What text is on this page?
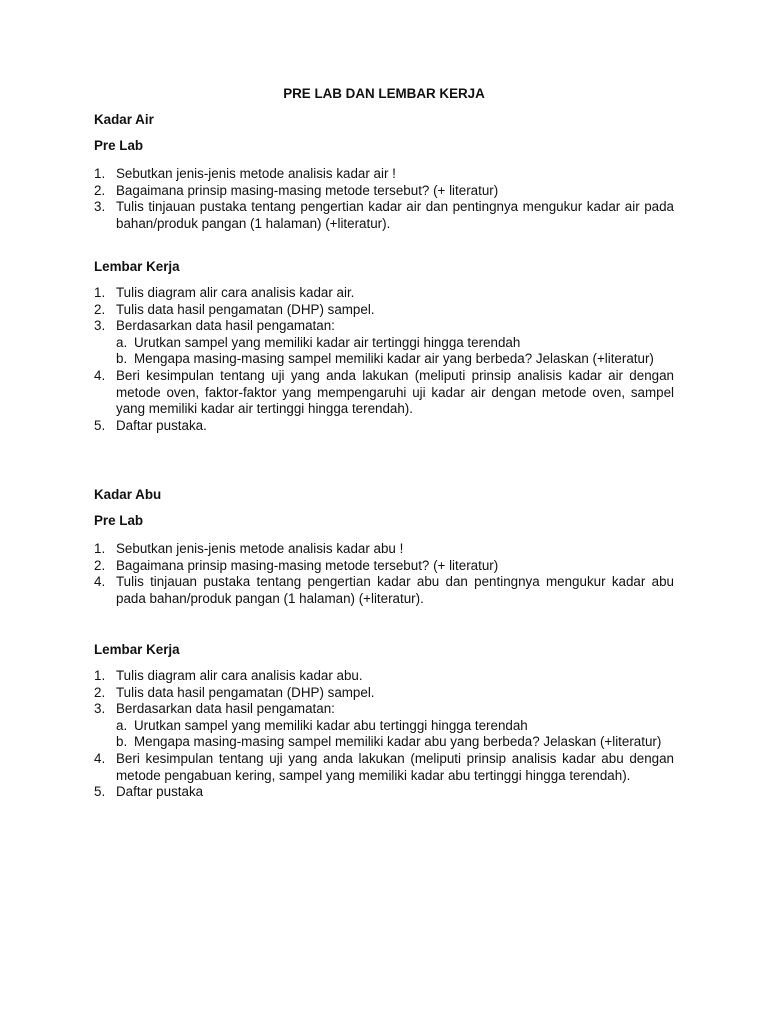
PRE LAB DAN LEMBAR KERJA

Kadar Air

Pre Lab

1. Sebutkan jenis-jenis metode analisis kadar air !
2. Bagaimana prinsip masing-masing metode tersebut? (+ literatur)
3. Tulis tinjauan pustaka tentang pengertian kadar air dan pentingnya mengukur kadar air pada bahan/produk pangan (1 halaman) (+literatur).

Lembar Kerja

1. Tulis diagram alir cara analisis kadar air.
2. Tulis data hasil pengamatan (DHP) sampel.
3. Berdasarkan data hasil pengamatan:
a. Urutkan sampel yang memiliki kadar air tertinggi hingga terendah
b. Mengapa masing-masing sampel memiliki kadar air yang berbeda? Jelaskan (+literatur)
4. Beri kesimpulan tentang uji yang anda lakukan (meliputi prinsip analisis kadar air dengan metode oven, faktor-faktor yang mempengaruhi uji kadar air dengan metode oven, sampel yang memiliki kadar air tertinggi hingga terendah).
5. Daftar pustaka.

Kadar Abu

Pre Lab

1. Sebutkan jenis-jenis metode analisis kadar abu !
2. Bagaimana prinsip masing-masing metode tersebut? (+ literatur)
4. Tulis tinjauan pustaka tentang pengertian kadar abu dan pentingnya mengukur kadar abu pada bahan/produk pangan (1 halaman) (+literatur).

Lembar Kerja

1. Tulis diagram alir cara analisis kadar abu.
2. Tulis data hasil pengamatan (DHP) sampel.
3. Berdasarkan data hasil pengamatan:
a. Urutkan sampel yang memiliki kadar abu tertinggi hingga terendah
b. Mengapa masing-masing sampel memiliki kadar abu yang berbeda? Jelaskan (+literatur)
4. Beri kesimpulan tentang uji yang anda lakukan (meliputi prinsip analisis kadar abu dengan metode pengabuan kering, sampel yang memiliki kadar abu tertinggi hingga terendah).
5. Daftar pustaka
